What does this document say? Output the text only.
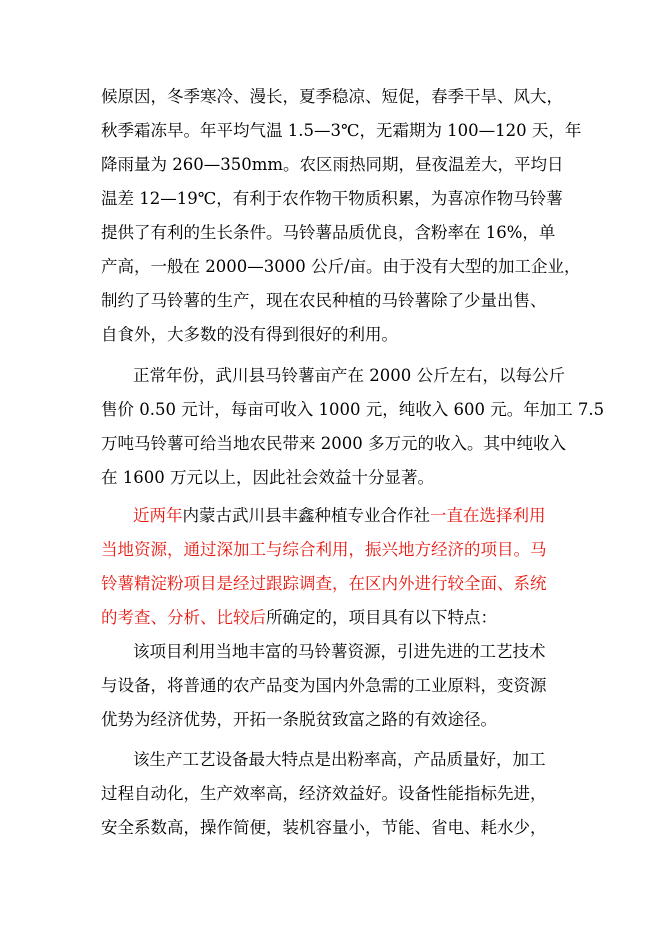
候原因，冬季寒冷、漫长，夏季稳凉、短促，春季干旱、风大，
秋季霜冻早。年平均气温 1.5—3℃，无霜期为 100—120 天，年
降雨量为 260—350mm。农区雨热同期，昼夜温差大，平均日
温差 12—19℃，有利于农作物干物质积累，为喜凉作物马铃薯
提供了有利的生长条件。马铃薯品质优良，含粉率在 16%，单
产高，一般在 2000—3000 公斤/亩。由于没有大型的加工企业，
制约了马铃薯的生产，现在农民种植的马铃薯除了少量出售、
自食外，大多数的没有得到很好的利用。
正常年份，武川县马铃薯亩产在 2000 公斤左右，以每公斤
售价 0.50 元计，每亩可收入 1000 元，纯收入 600 元。年加工 7.5
万吨马铃薯可给当地农民带来 2000 多万元的收入。其中纯收入
在 1600 万元以上，因此社会效益十分显著。
近两年内蒙古武川县丰鑫种植专业合作社一直在选择利用
当地资源，通过深加工与综合利用，振兴地方经济的项目。马
铃薯精淀粉项目是经过跟踪调查，在区内外进行较全面、系统
的考查、分析、比较后所确定的，项目具有以下特点：
该项目利用当地丰富的马铃薯资源，引进先进的工艺技术
与设备，将普通的农产品变为国内外急需的工业原料，变资源
优势为经济优势，开拓一条脱贫致富之路的有效途径。
该生产工艺设备最大特点是出粉率高，产品质量好，加工
过程自动化，生产效率高，经济效益好。设备性能指标先进，
安全系数高，操作简便，装机容量小，节能、省电、耗水少，
